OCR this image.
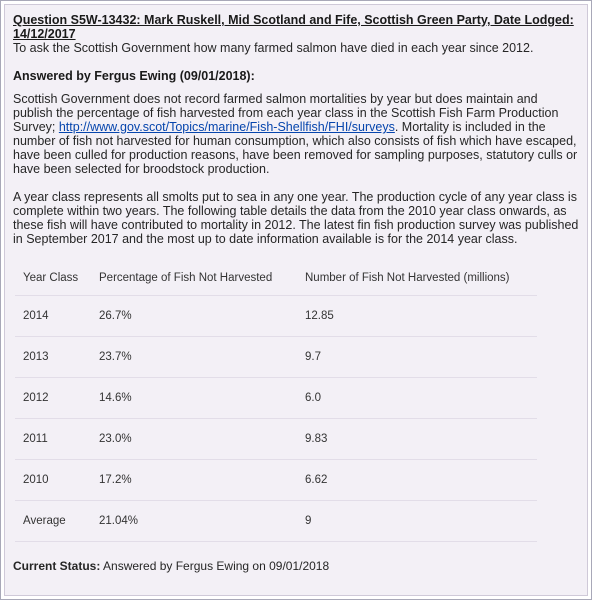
Question S5W-13432: Mark Ruskell, Mid Scotland and Fife, Scottish Green Party, Date Lodged: 14/12/2017

To ask the Scottish Government how many farmed salmon have died in each year since 2012.

Answered by Fergus Ewing (09/01/2018):

Scottish Government does not record farmed salmon mortalities by year but does maintain and publish the percentage of fish harvested from each year class in the Scottish Fish Farm Production Survey; http://www.gov.scot/Topics/marine/Fish-Shellfish/FHI/surveys. Mortality is included in the number of fish not harvested for human consumption, which also consists of fish which have escaped, have been culled for production reasons, have been removed for sampling purposes, statutory culls or have been selected for broodstock production.

A year class represents all smolts put to sea in any one year. The production cycle of any year class is complete within two years. The following table details the data from the 2010 year class onwards, as these fish will have contributed to mortality in 2012. The latest fin fish production survey was published in September 2017 and the most up to date information available is for the 2014 year class.

Year Class	Percentage of Fish Not Harvested	Number of Fish Not Harvested (millions)
2014	26.7%	12.85
2013	23.7%	9.7
2012	14.6%	6.0
2011	23.0%	9.83
2010	17.2%	6.62
Average	21.04%	9
Current Status: Answered by Fergus Ewing on 09/01/2018
